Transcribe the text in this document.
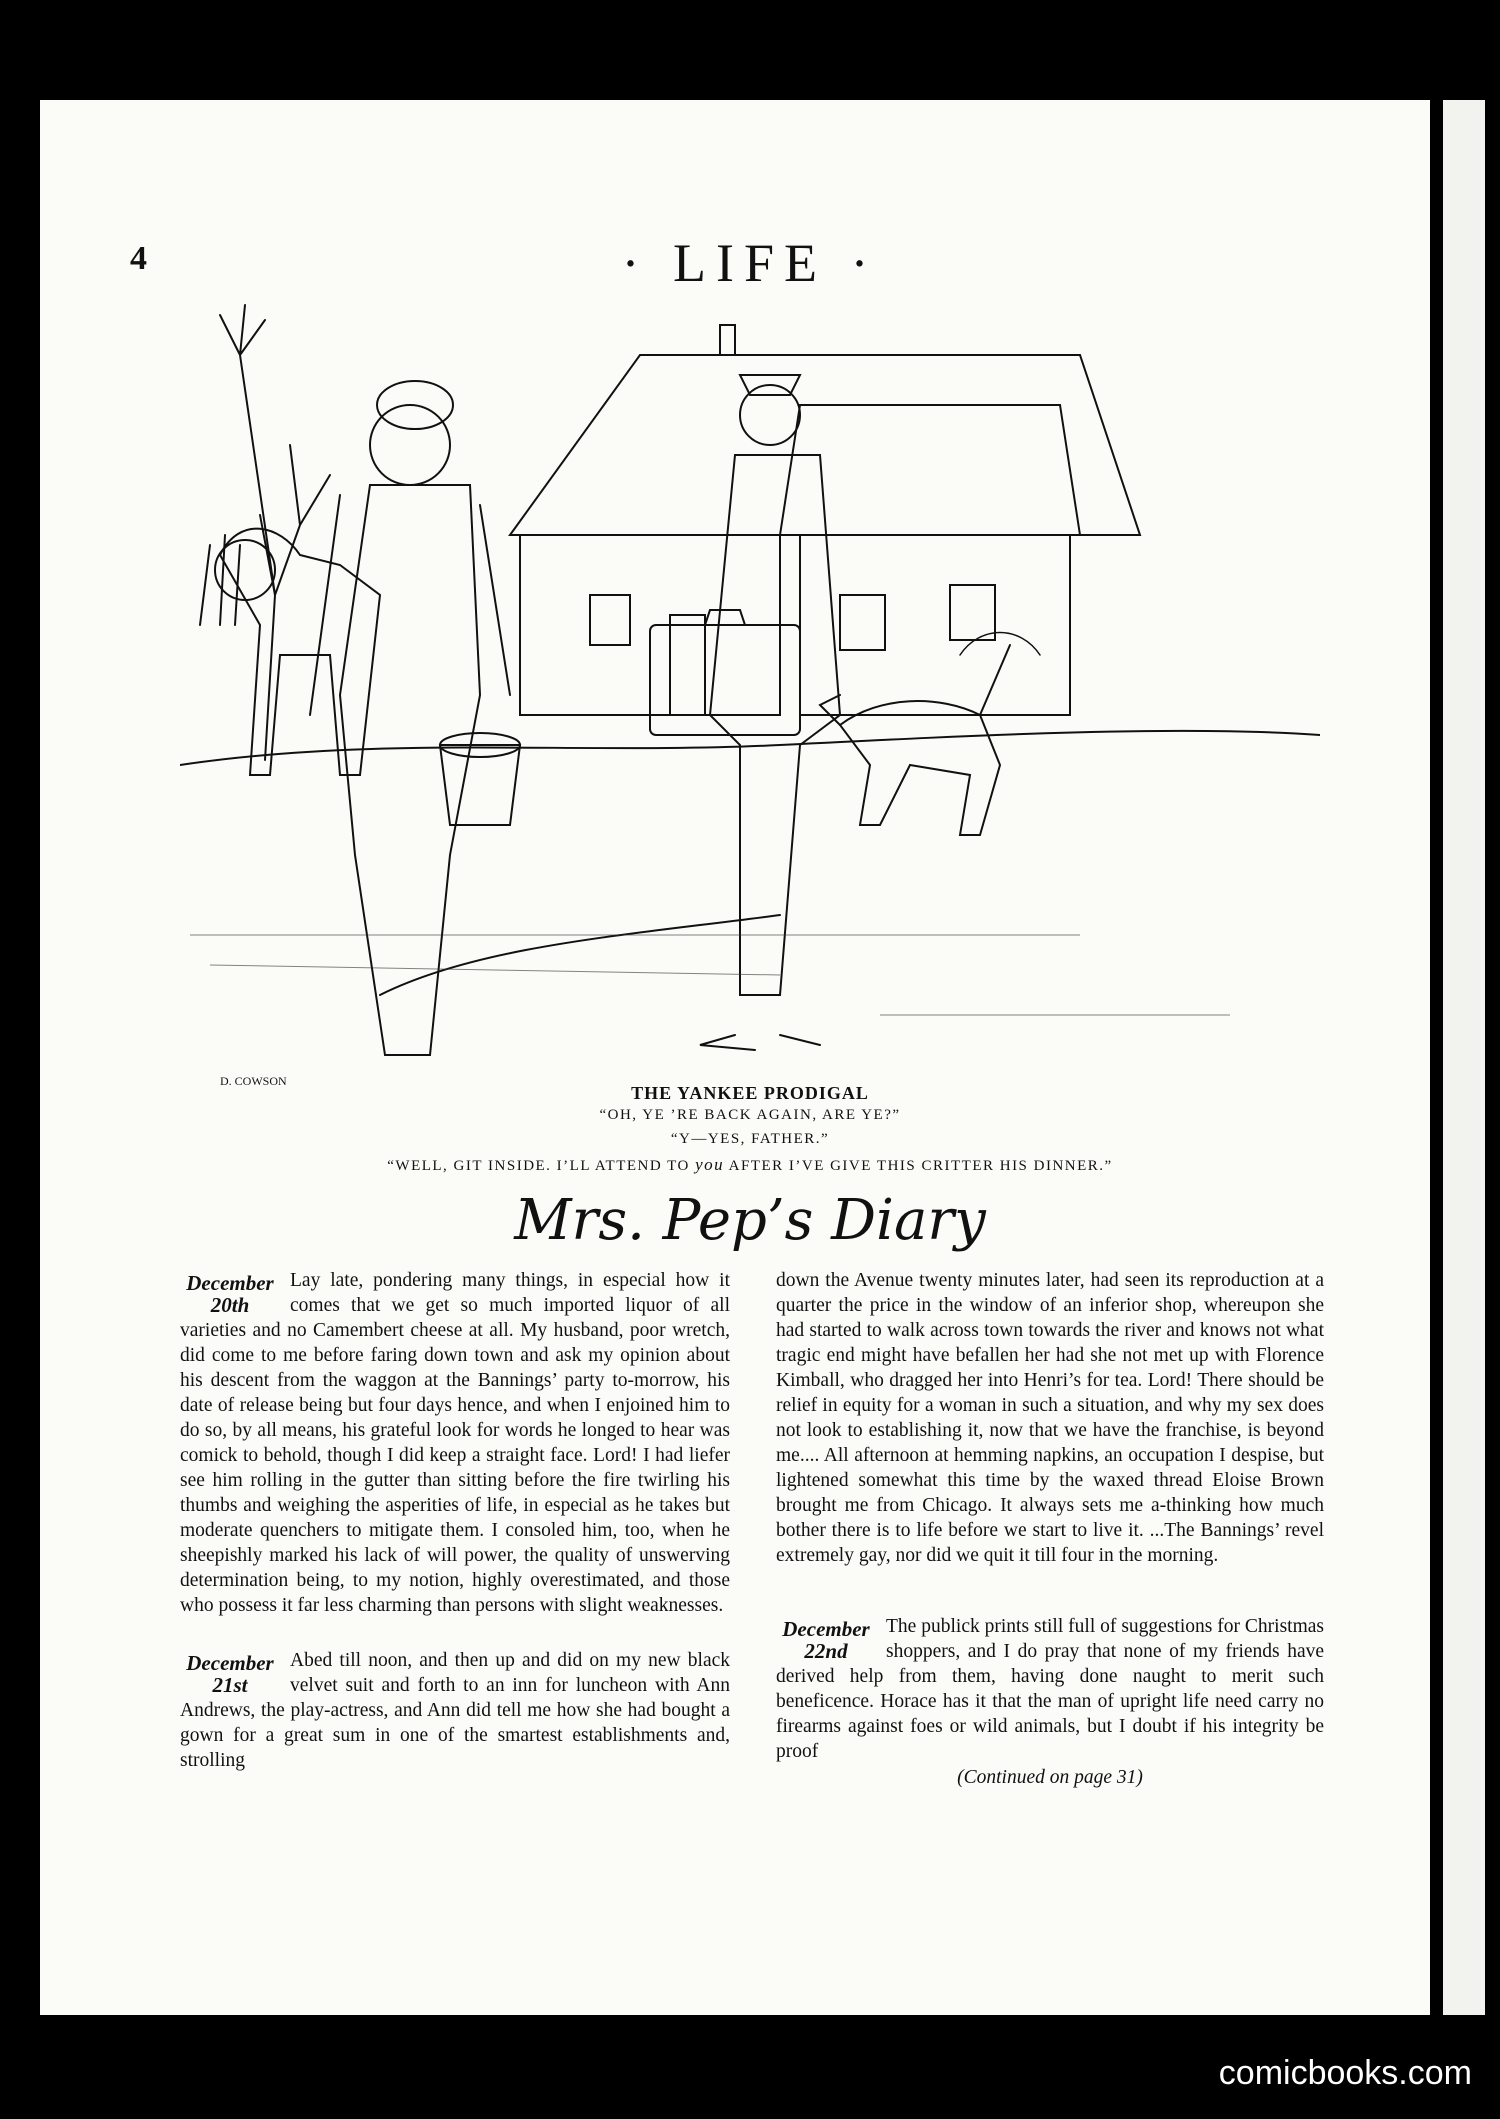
4	· LIFE ·
D. COWSON
THE YANKEE PRODIGAL
“OH, YE ’RE BACK AGAIN, ARE YE?”
“Y—YES, FATHER.”
“WELL, GIT INSIDE. I’LL ATTEND TO you AFTER I’VE GIVE THIS CRITTER HIS DINNER.”
Mrs. Pep’s Diary
December
20th

Lay late, pondering many things, in especial how it comes that we get so much imported liquor of all varieties and no Camembert cheese at all. My husband, poor wretch, did come to me before faring down town and ask my opinion about his descent from the waggon at the Bannings’ party to-morrow, his date of release being but four days hence, and when I enjoined him to do so, by all means, his grateful look for words he longed to hear was comick to behold, though I did keep a straight face. Lord! I had liefer see him rolling in the gutter than sitting before the fire twirling his thumbs and weighing the asperities of life, in especial as he takes but moderate quenchers to mitigate them. I consoled him, too, when he sheepishly marked his lack of will power, the quality of unswerving determination being, to my notion, highly overestimated, and those who possess it far less charming than persons with slight weaknesses.

December
21st

Abed till noon, and then up and did on my new black velvet suit and forth to an inn for luncheon with Ann Andrews, the play-actress, and Ann did tell me how she had bought a gown for a great sum in one of the smartest establishments and, strolling

down the Avenue twenty minutes later, had seen its reproduction at a quarter the price in the window of an inferior shop, whereupon she had started to walk across town towards the river and knows not what tragic end might have befallen her had she not met up with Florence Kimball, who dragged her into Henri’s for tea. Lord! There should be relief in equity for a woman in such a situation, and why my sex does not look to establishing it, now that we have the franchise, is beyond me.... All afternoon at hemming napkins, an occupation I despise, but lightened somewhat this time by the waxed thread Eloise Brown brought me from Chicago. It always sets me a-thinking how much bother there is to life before we start to live it. ...The Bannings’ revel extremely gay, nor did we quit it till four in the morning.

December
22nd

The publick prints still full of suggestions for Christmas shoppers, and I do pray that none of my friends have derived help from them, having done naught to merit such beneficence. Horace has it that the man of upright life need carry no firearms against foes or wild animals, but I doubt if his integrity be proof

(Continued on page 31)
comicbooks.com
